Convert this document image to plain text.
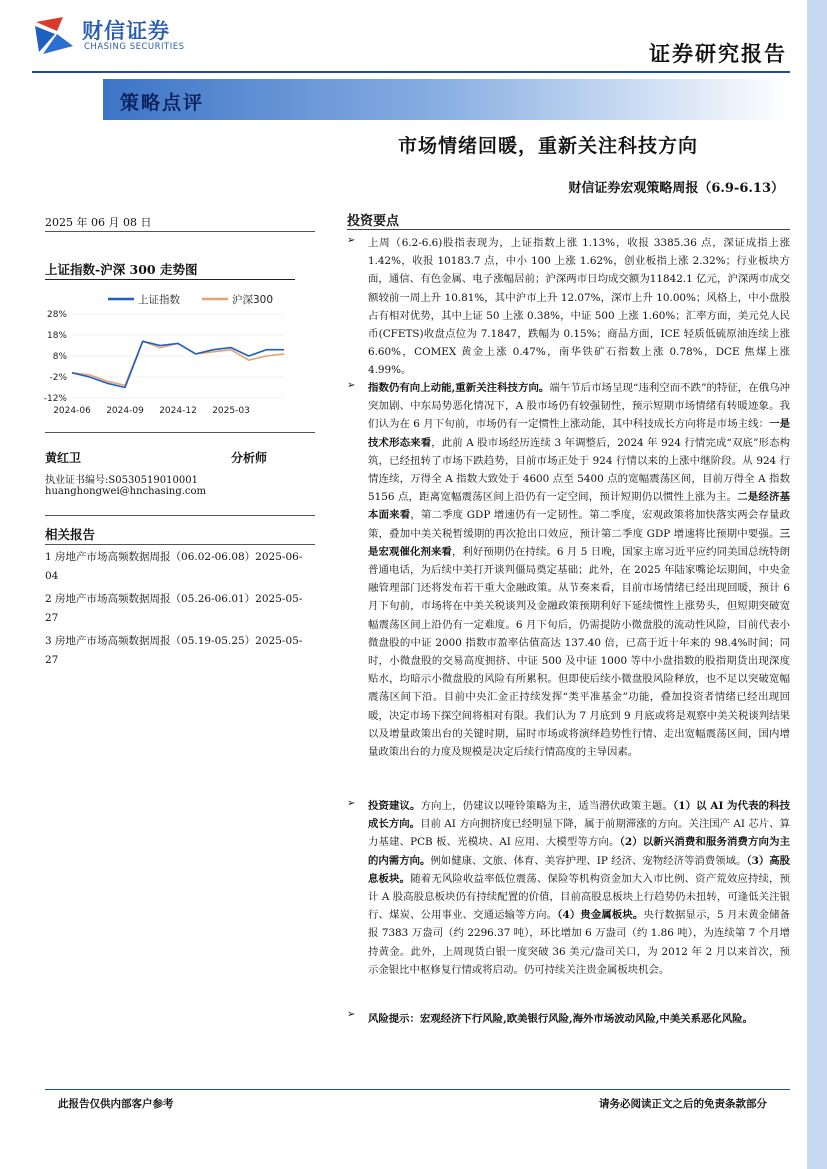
财信证券
CHASING SECURITIES	证券研究报告
策略点评
市场情绪回暖，重新关注科技方向
财信证券宏观策略周报（6.9-6.13）
2025 年 06 月 08 日
上证指数-沪深 300 走势图
上证指数	沪深300
28%
18%
8%
-2%
-12%
2024-06 2024-09 2024-12 2025-03
黄红卫	分析师
执业证书编号:S0530519010001
huanghongwei@hnchasing.com
相关报告
1 房地产市场高频数据周报（06.02-06.08）2025-06-04
2 房地产市场高频数据周报（05.26-06.01）2025-05-27
3 房地产市场高频数据周报（05.19-05.25）2025-05-27
投资要点
➢ 上周（6.2-6.6)股指表现为，上证指数上涨 1.13%，收报 3385.36 点，深证成指上涨 1.42%，收报 10183.7 点，中小 100 上涨 1.62%，创业板指上涨 2.32%；行业板块方面，通信、有色金属、电子涨幅居前；沪深两市日均成交额为11842.1 亿元，沪深两市成交额较前一周上升 10.81%，其中沪市上升 12.07%，深市上升 10.00%；风格上，中小盘股占有相对优势，其中上证 50 上涨 0.38%，中证 500 上涨 1.60%；汇率方面，美元兑人民币(CFETS)收盘点位为 7.1847，跌幅为 0.15%；商品方面，ICE 轻质低硫原油连续上涨 6.60%，COMEX 黄金上涨 0.47%，南华铁矿石指数上涨 0.78%，DCE 焦煤上涨 4.99%。
➢ 指数仍有向上动能,重新关注科技方向。端午节后市场呈现“违利空而不跌”的特征，在俄乌冲突加剧、中东局势恶化情况下，A 股市场仍有较强韧性，预示短期市场情绪有转暖迹象。我们认为在 6 月下旬前，市场仍有一定惯性上涨动能，其中科技成长方向将是市场主线：一是技术形态来看，此前 A 股市场经历连续 3 年调整后，2024 年 924 行情完成“双底”形态构筑，已经扭转了市场下跌趋势，目前市场正处于 924 行情以来的上涨中继阶段。从 924 行情连续，万得全 A 指数大致处于 4600 点至 5400 点的宽幅震荡区间，目前万得全 A 指数 5156 点，距离宽幅震荡区间上沿仍有一定空间，预计短期仍以惯性上涨为主。二是经济基本面来看，第二季度 GDP 增速仍有一定韧性。第二季度，宏观政策将加快落实两会存量政策，叠加中美关税暂缓期的再次抢出口效应，预计第二季度 GDP 增速将比预期中要强。三是宏观催化剂来看，利好预期仍在持续。6 月 5 日晚，国家主席习近平应约同美国总统特朗普通电话，为后续中美打开谈判僵局奠定基础；此外，在 2025 年陆家嘴论坛期间，中央金融管理部门还将发布若干重大金融政策。从节奏来看，目前市场情绪已经出现回暖，预计 6 月下旬前，市场将在中美关税谈判及金融政策预期利好下延续惯性上涨势头，但短期突破宽幅震荡区间上沿仍有一定难度。6 月下旬后，仍需提防小微盘股的流动性风险，目前代表小微盘股的中证 2000 指数市盈率估值高达 137.40 倍，已高于近十年来的 98.4%时间；同时，小微盘股的交易高度拥挤、中证 500 及中证 1000 等中小盘指数的股指期货出现深度贴水，均暗示小微盘股的风险有所累积。但即使后续小微盘股风险释放，也不足以突破宽幅震荡区间下沿。目前中央汇金正持续发挥“类平准基金”功能，叠加投资者情绪已经出现回暖，决定市场下探空间将相对有限。我们认为 7 月底到 9 月底或将是观察中美关税谈判结果以及增量政策出台的关键时期，届时市场或将演绎趋势性行情、走出宽幅震荡区间，国内增量政策出台的力度及规模是决定后续行情高度的主导因素。
➢ 投资建议。方向上，仍建议以哑铃策略为主，适当潜伏政策主题。（1）以 AI 为代表的科技成长方向。目前 AI 方向拥挤度已经明显下降，属于前期滞涨的方向。关注国产 AI 芯片、算力基建、PCB 板、光模块、AI 应用、大模型等方向。（2）以新兴消费和服务消费方向为主的内需方向。例如健康、文旅、体育、美容护理、IP 经济、宠物经济等消费领域。（3）高股息板块。随着无风险收益率低位震荡、保险等机构资金加大入市比例、资产荒效应持续，预计 A 股高股息板块仍有持续配置的价值，目前高股息板块上行趋势仍未扭转，可逢低关注银行、煤炭、公用事业、交通运输等方向。（4）贵金属板块。央行数据显示，5 月末黄金储备报 7383 万盎司（约 2296.37 吨），环比增加 6 万盎司（约 1.86 吨），为连续第 7 个月增持黄金。此外，上周现货白银一度突破 36 美元/盎司关口，为 2012 年 2 月以来首次，预示金银比中枢修复行情或将启动。仍可持续关注贵金属板块机会。
➢ 风险提示：宏观经济下行风险,欧美银行风险,海外市场波动风险,中美关系恶化风险。
此报告仅供内部客户参考	请务必阅读正文之后的免责条款部分
